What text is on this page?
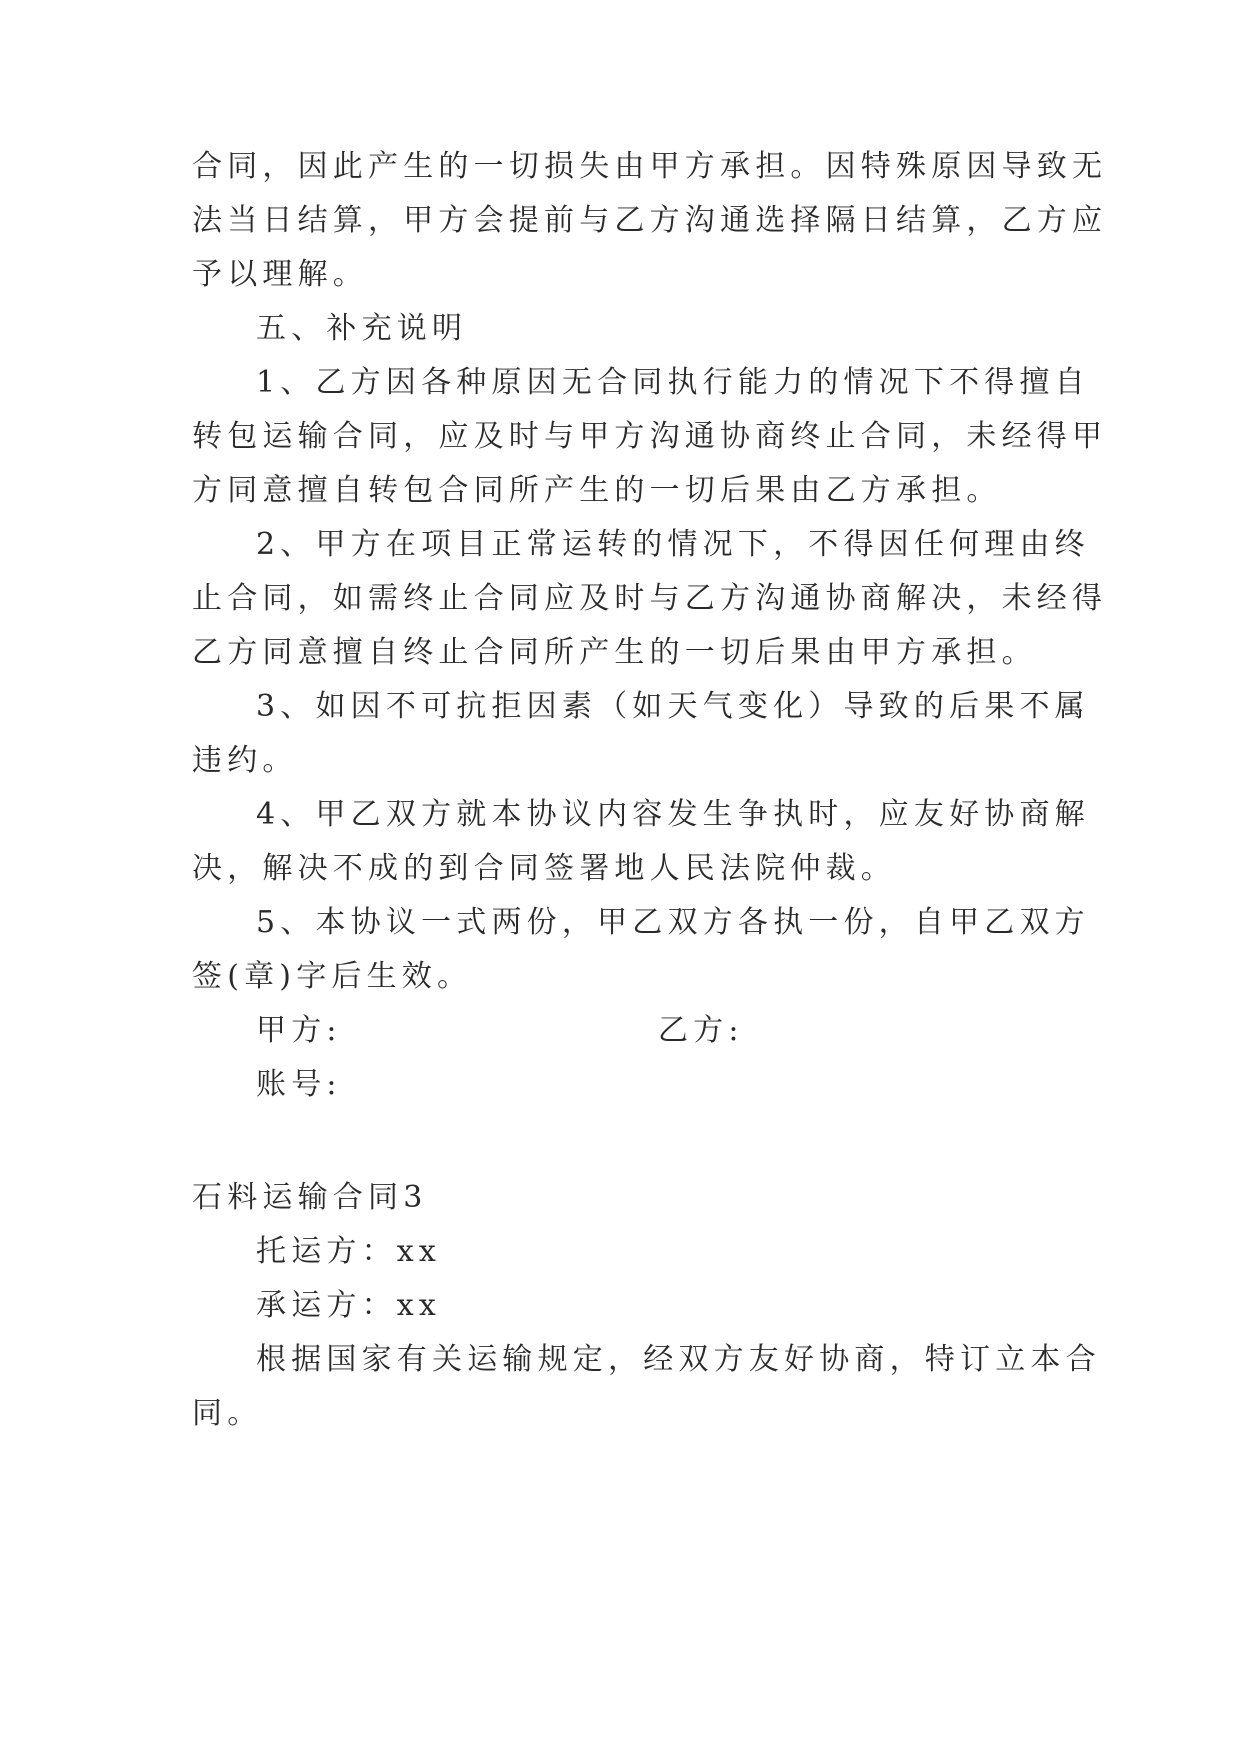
合同，因此产生的一切损失由甲方承担。因特殊原因导致无
法当日结算，甲方会提前与乙方沟通选择隔日结算，乙方应
予以理解。
五、补充说明
1、乙方因各种原因无合同执行能力的情况下不得擅自
转包运输合同，应及时与甲方沟通协商终止合同，未经得甲
方同意擅自转包合同所产生的一切后果由乙方承担。
2、甲方在项目正常运转的情况下，不得因任何理由终
止合同，如需终止合同应及时与乙方沟通协商解决，未经得
乙方同意擅自终止合同所产生的一切后果由甲方承担。
3、如因不可抗拒因素（如天气变化）导致的后果不属
违约。
4、甲乙双方就本协议内容发生争执时，应友好协商解
决，解决不成的到合同签署地人民法院仲裁。
5、本协议一式两份，甲乙双方各执一份，自甲乙双方
签(章)字后生效。
甲方:	乙方:
账号:
石料运输合同3
托运方：xx
承运方：xx
根据国家有关运输规定，经双方友好协商，特订立本合
同。
